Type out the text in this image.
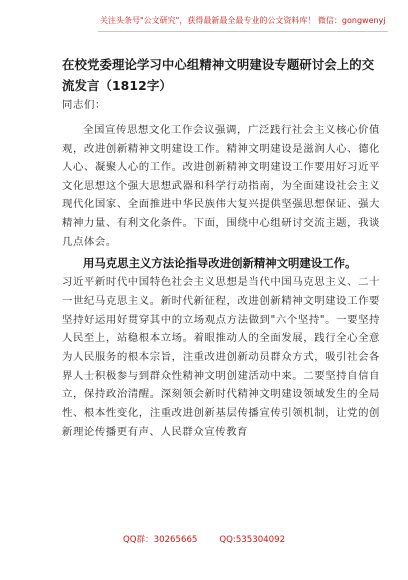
关注头条号"公文研究"，获得最新最全最专业的公文资料库！ 微信：gongwenyj
在校党委理论学习中心组精神文明建设专题研讨会上的交流发言（1812字）

同志们：

全国宣传思想文化工作会议强调，广泛践行社会主义核心价值观，改进创新精神文明建设工作。精神文明建设是滋润人心、德化人心、凝聚人心的工作。改进创新精神文明建设工作要用好习近平文化思想这个强大思想武器和科学行动指南，为全面建设社会主义现代化国家、全面推进中华民族伟大复兴提供坚强思想保证、强大精神力量、有利文化条件。下面，围绕中心组研讨交流主题，我谈几点体会。

用马克思主义方法论指导改进创新精神文明建设工作。

习近平新时代中国特色社会主义思想是当代中国马克思主义、二十一世纪马克思主义。新时代新征程，改进创新精神文明建设工作要坚持好运用好贯穿其中的立场观点方法做到"六个坚持"。一要坚持人民至上，站稳根本立场。着眼推动人的全面发展，践行全心全意为人民服务的根本宗旨，注重改进创新动员群众方式，吸引社会各界人士积极参与到群众性精神文明创建活动中来。二要坚持自信自立，保持政治清醒。深刻领会新时代精神文明建设领域发生的全局性、根本性变化，注重改进创新基层传播宣传引领机制，让党的创新理论传播更有声、人民群众宣传教育

QQ群：30265665	QQ:535304092
